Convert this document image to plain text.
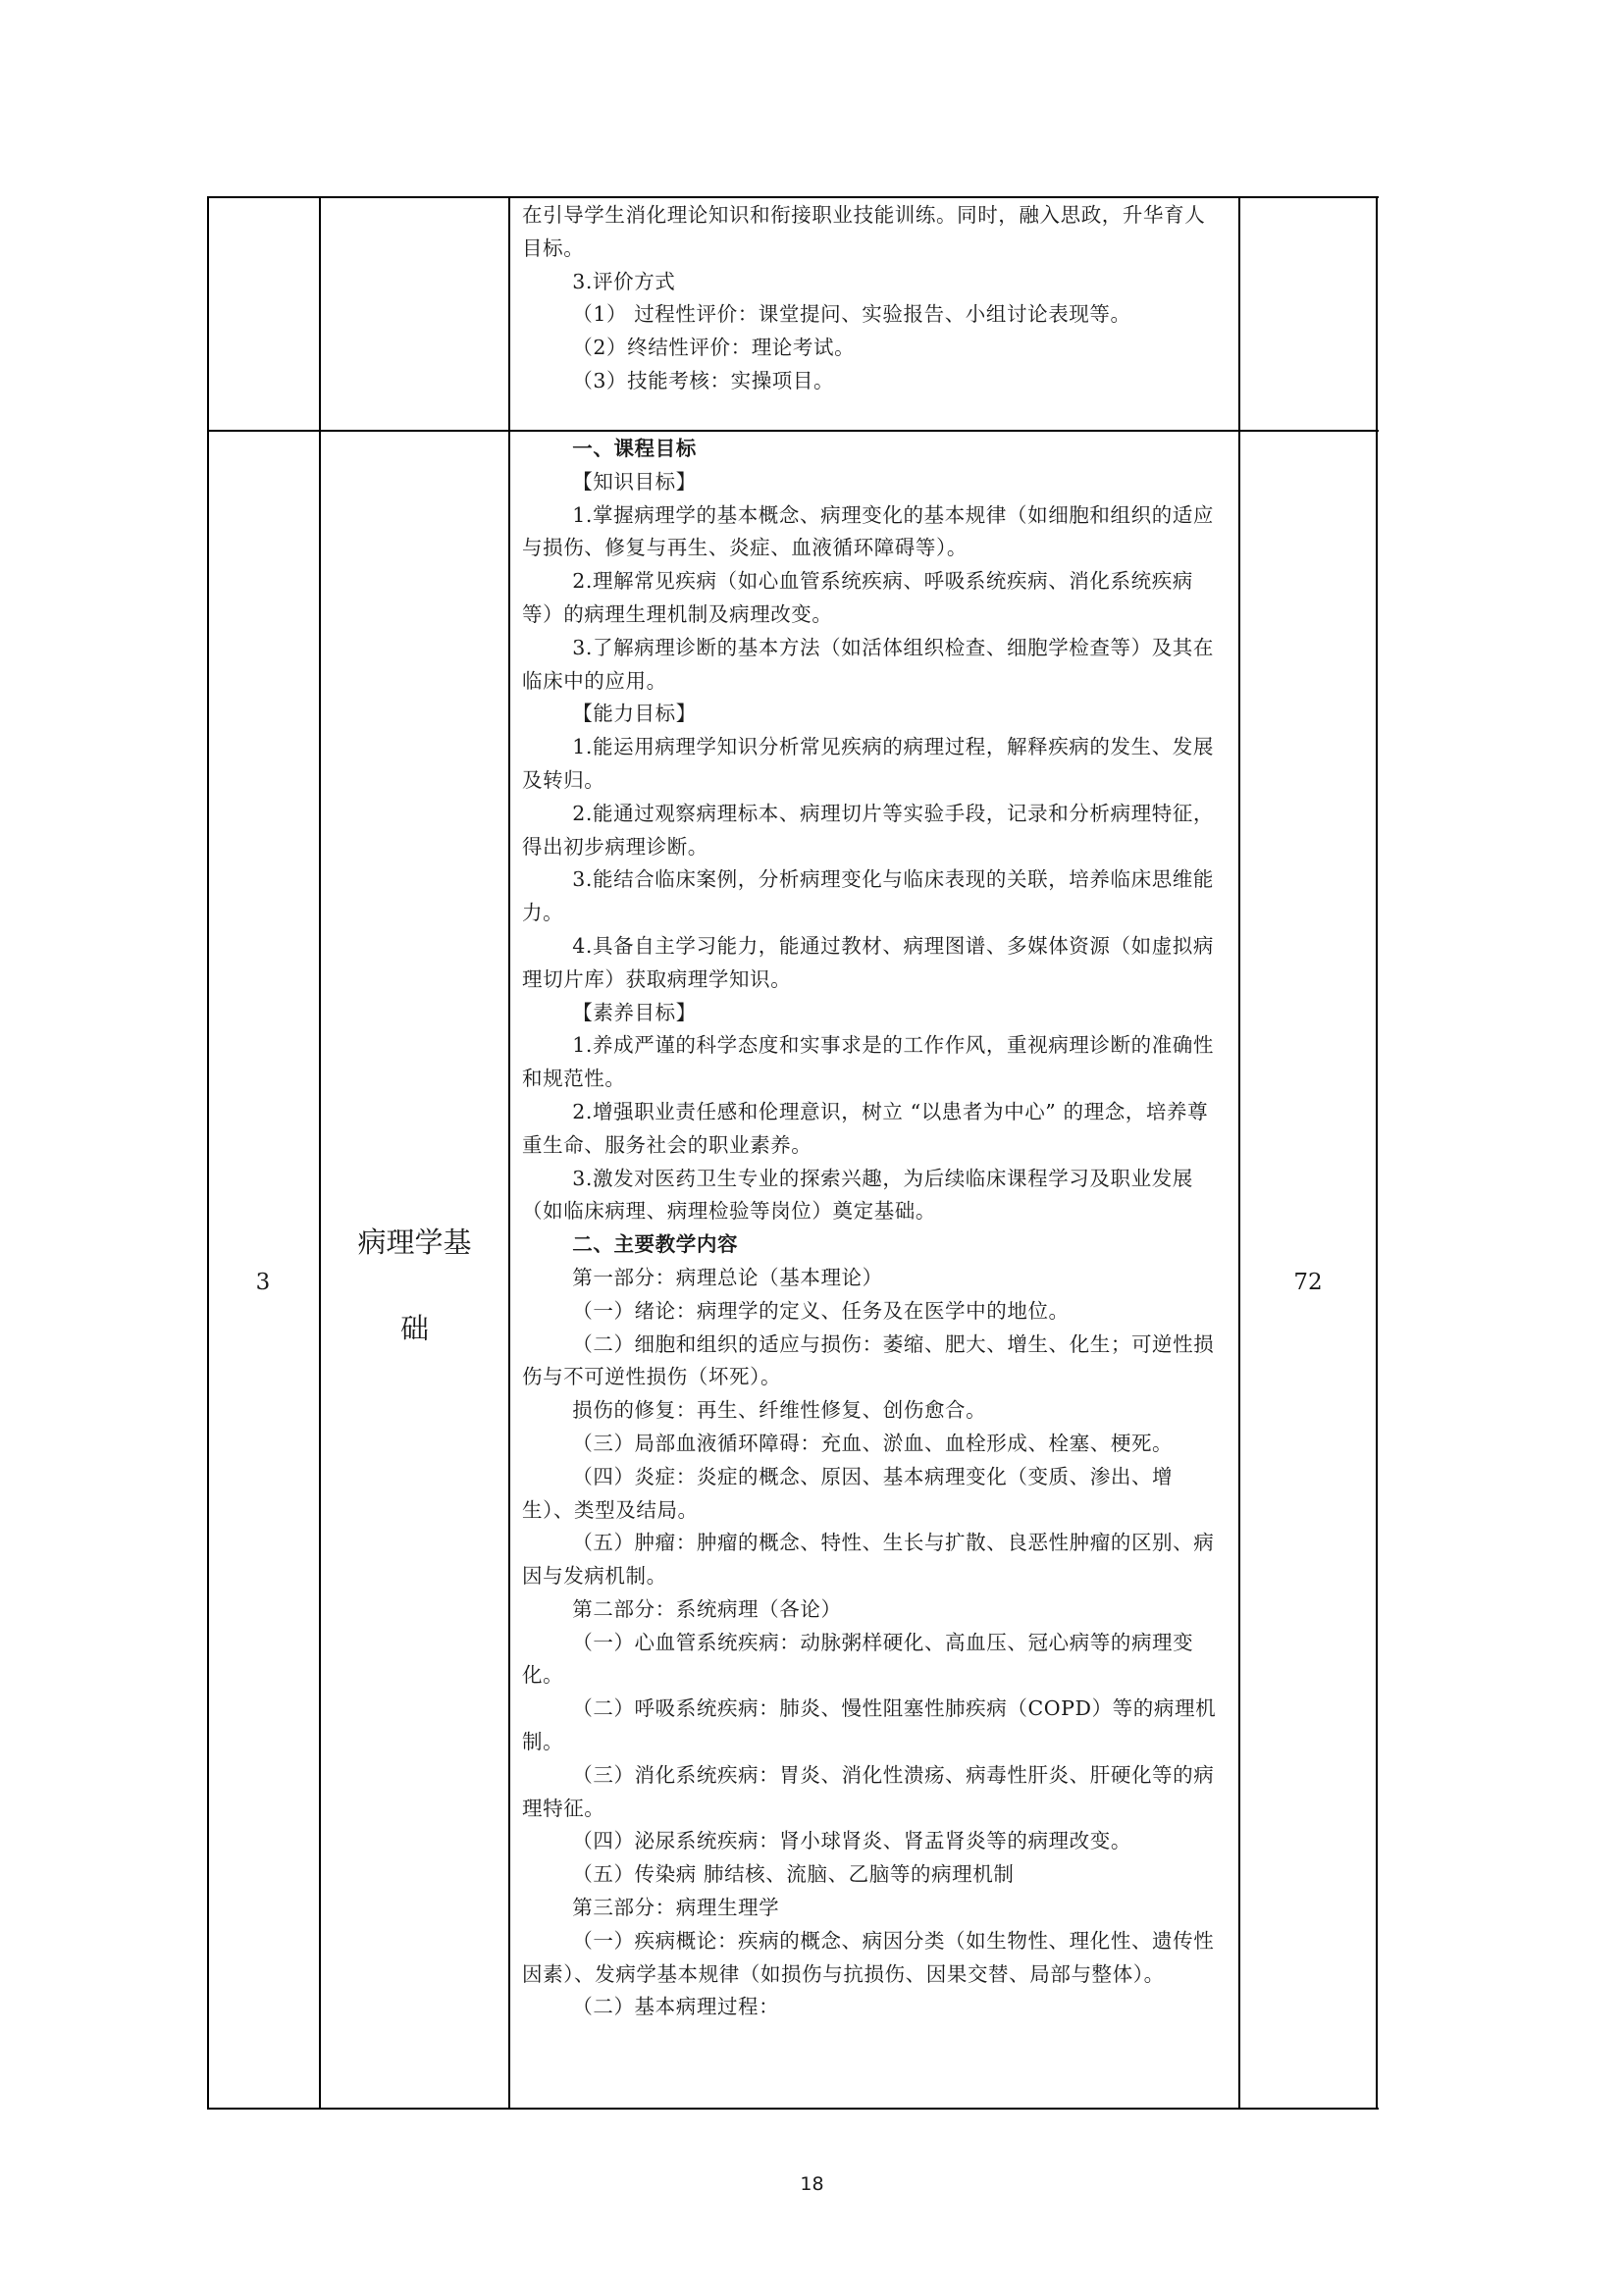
在引导学生消化理论知识和衔接职业技能训练。同时，融入思政，升华育人目标。

3.评价方式

（1） 过程性评价：课堂提问、实验报告、小组讨论表现等。

（2）终结性评价：理论考试。

（3）技能考核：实操项目。

3
病理学基
础
72

一、课程目标

【知识目标】

1.掌握病理学的基本概念、病理变化的基本规律（如细胞和组织的适应与损伤、修复与再生、炎症、血液循环障碍等）。

2.理解常见疾病（如心血管系统疾病、呼吸系统疾病、消化系统疾病等）的病理生理机制及病理改变。

3.了解病理诊断的基本方法（如活体组织检查、细胞学检查等）及其在临床中的应用。

【能力目标】

1.能运用病理学知识分析常见疾病的病理过程，解释疾病的发生、发展及转归。

2.能通过观察病理标本、病理切片等实验手段，记录和分析病理特征，得出初步病理诊断。

3.能结合临床案例，分析病理变化与临床表现的关联，培养临床思维能力。

4.具备自主学习能力，能通过教材、病理图谱、多媒体资源（如虚拟病理切片库）获取病理学知识。

【素养目标】

1.养成严谨的科学态度和实事求是的工作作风，重视病理诊断的准确性和规范性。

2.增强职业责任感和伦理意识，树立 “以患者为中心” 的理念，培养尊重生命、服务社会的职业素养。

3.激发对医药卫生专业的探索兴趣，为后续临床课程学习及职业发展（如临床病理、病理检验等岗位）奠定基础。

二、主要教学内容

第一部分：病理总论（基本理论）

（一）绪论：病理学的定义、任务及在医学中的地位。

（二）细胞和组织的适应与损伤：萎缩、肥大、增生、化生；可逆性损伤与不可逆性损伤（坏死）。

损伤的修复：再生、纤维性修复、创伤愈合。

（三）局部血液循环障碍：充血、淤血、血栓形成、栓塞、梗死。

（四）炎症：炎症的概念、原因、基本病理变化（变质、渗出、增生）、类型及结局。

（五）肿瘤：肿瘤的概念、特性、生长与扩散、良恶性肿瘤的区别、病因与发病机制。

第二部分：系统病理（各论）

（一）心血管系统疾病：动脉粥样硬化、高血压、冠心病等的病理变化。

（二）呼吸系统疾病：肺炎、慢性阻塞性肺疾病（COPD）等的病理机制。

（三）消化系统疾病：胃炎、消化性溃疡、病毒性肝炎、肝硬化等的病理特征。

（四）泌尿系统疾病：肾小球肾炎、肾盂肾炎等的病理改变。

（五）传染病 肺结核、流脑、乙脑等的病理机制

第三部分：病理生理学

（一）疾病概论：疾病的概念、病因分类（如生物性、理化性、遗传性因素）、发病学基本规律（如损伤与抗损伤、因果交替、局部与整体）。

（二）基本病理过程：

18
